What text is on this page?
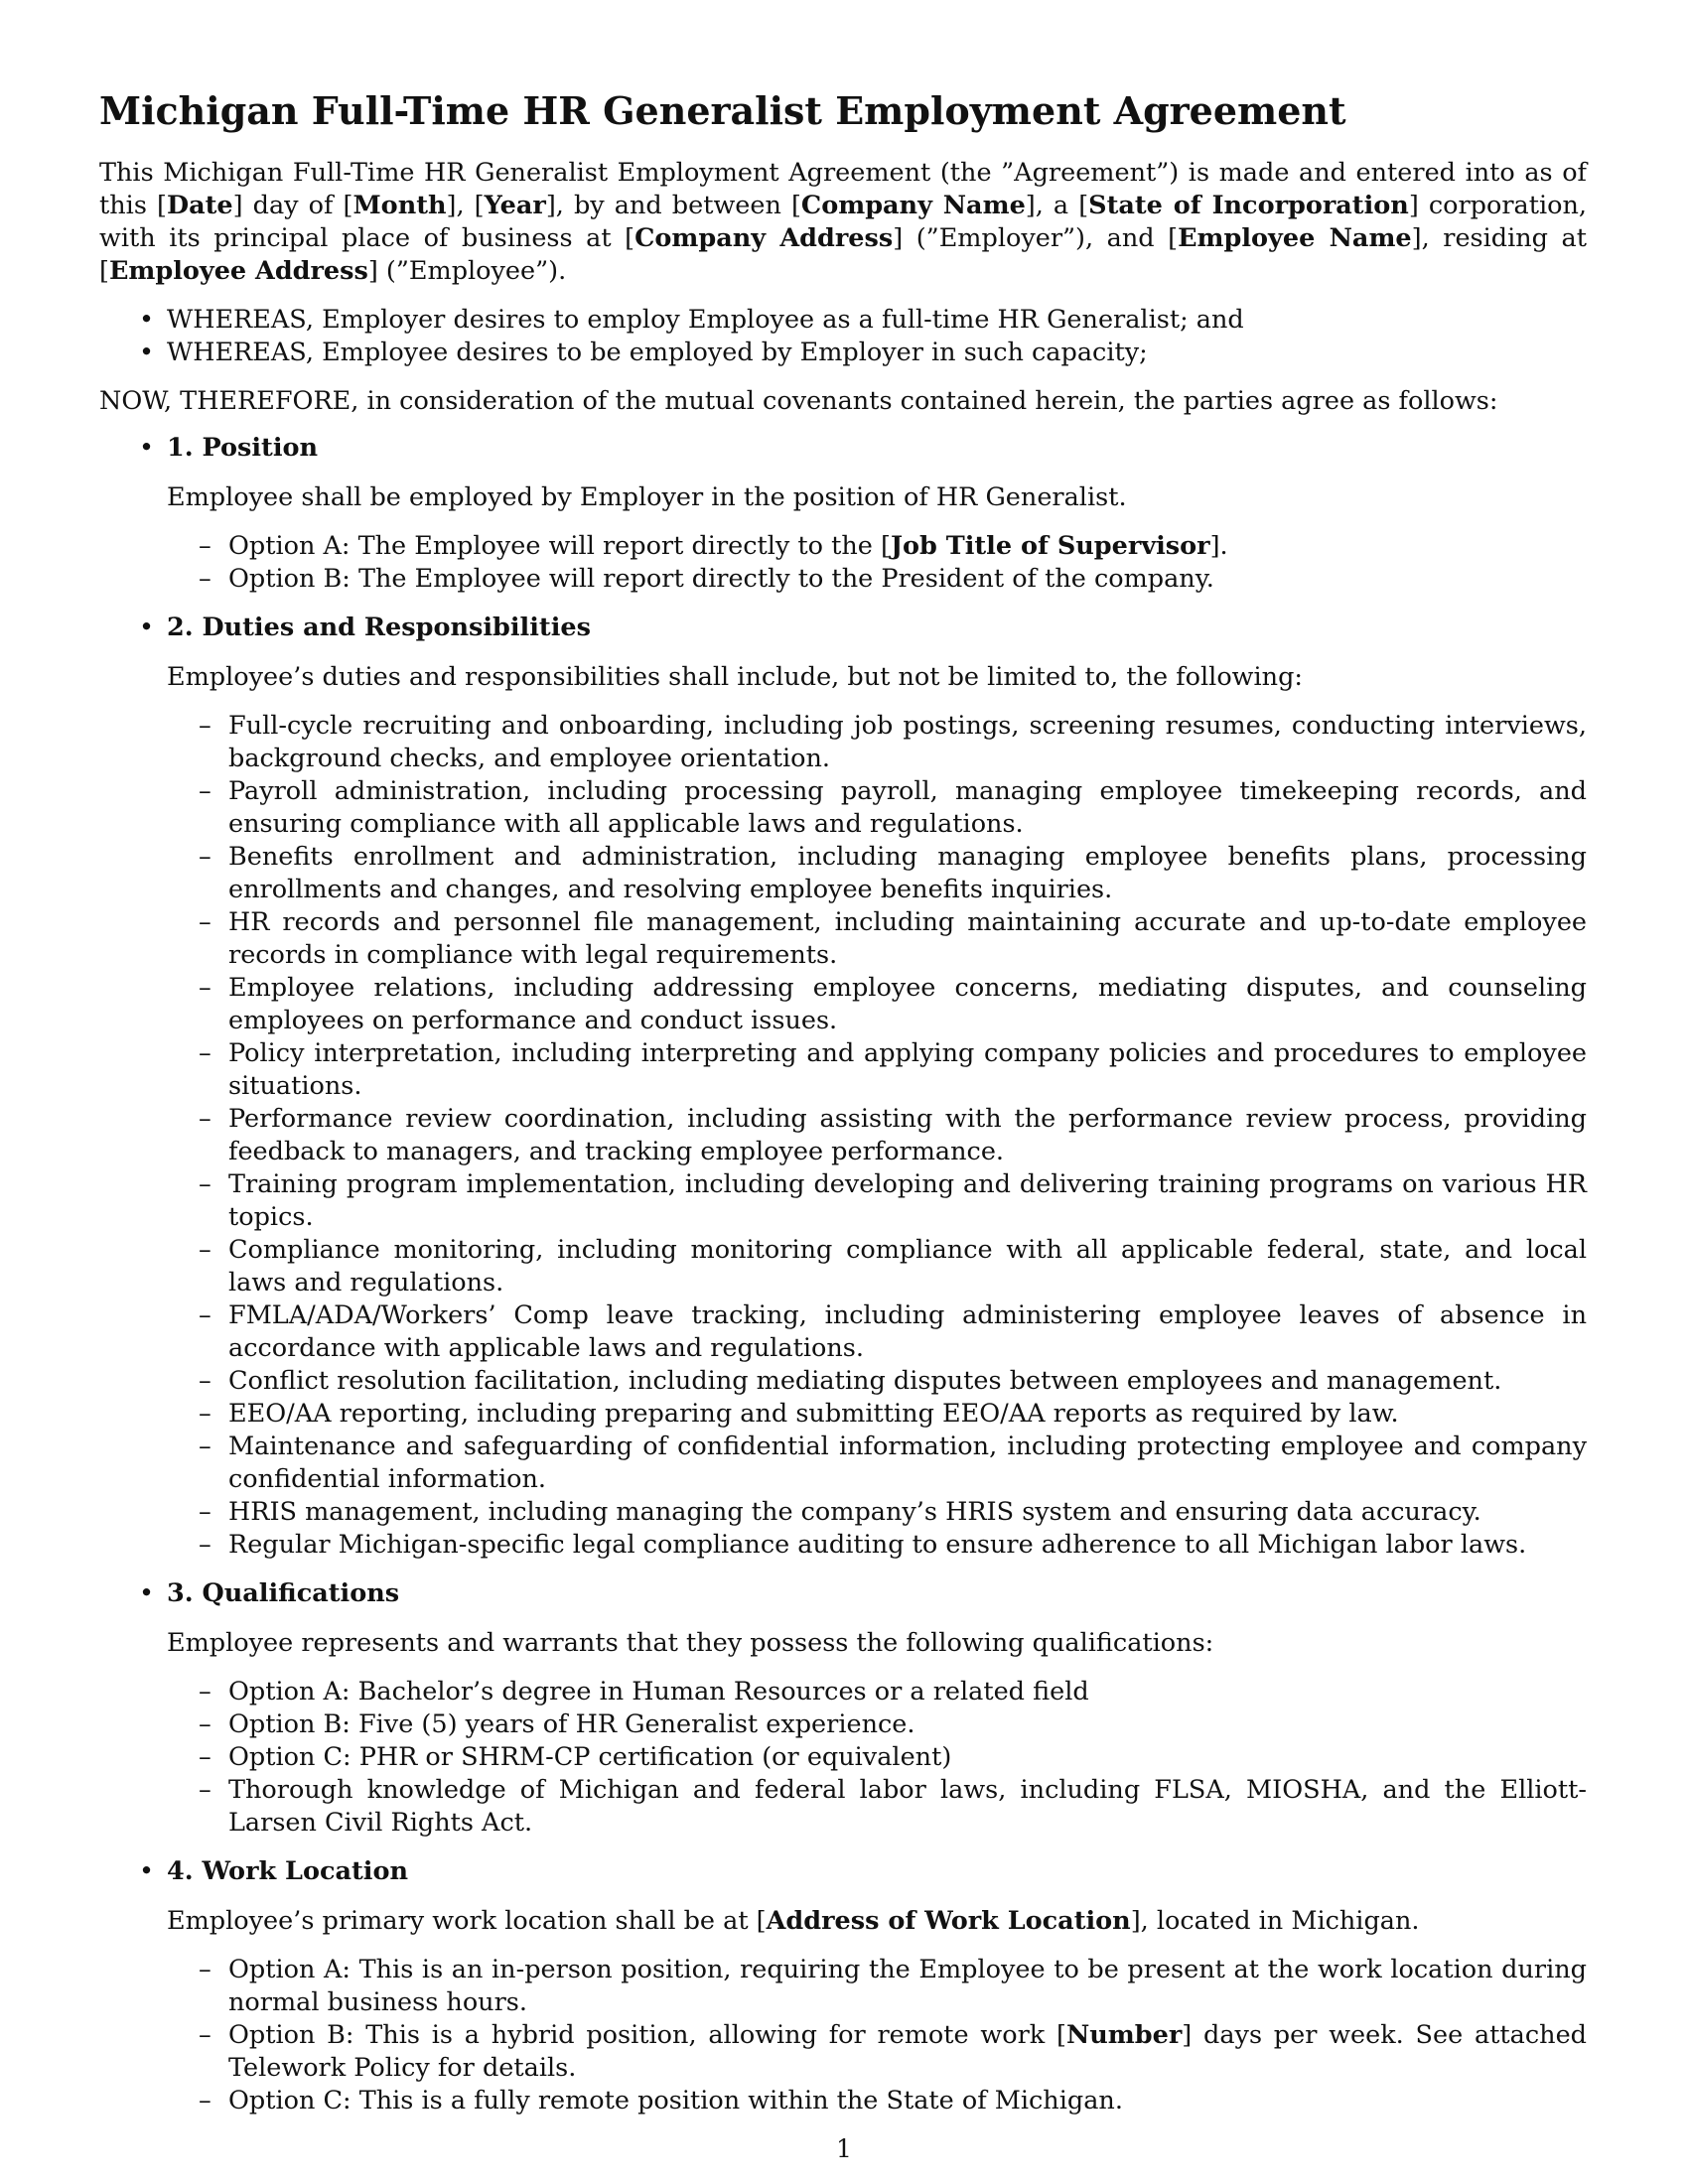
Michigan Full-Time HR Generalist Employment Agreement

This Michigan Full-Time HR Generalist Employment Agreement (the ”Agreement”) is made and entered into as of this [Date] day of [Month], [Year], by and between [Company Name], a [State of Incorporation] corporation, with its principal place of business at [Company Address] (”Employer”), and [Employee Name], residing at [Employee Address] (”Employee”).

• WHEREAS, Employer desires to employ Employee as a full-time HR Generalist; and
• WHEREAS, Employee desires to be employed by Employer in such capacity;

NOW, THEREFORE, in consideration of the mutual covenants contained herein, the parties agree as follows:

• 1. Position
Employee shall be employed by Employer in the position of HR Generalist.
– Option A: The Employee will report directly to the [Job Title of Supervisor].
– Option B: The Employee will report directly to the President of the company.
• 2. Duties and Responsibilities
Employee’s duties and responsibilities shall include, but not be limited to, the following:
– Full-cycle recruiting and onboarding, including job postings, screening resumes, conducting interviews, background checks, and employee orientation.
– Payroll administration, including processing payroll, managing employee timekeeping records, and ensuring compliance with all applicable laws and regulations.
– Benefits enrollment and administration, including managing employee benefits plans, processing enrollments and changes, and resolving employee benefits inquiries.
– HR records and personnel file management, including maintaining accurate and up-to-date employee records in compliance with legal requirements.
– Employee relations, including addressing employee concerns, mediating disputes, and counseling employees on performance and conduct issues.
– Policy interpretation, including interpreting and applying company policies and procedures to employee situations.
– Performance review coordination, including assisting with the performance review process, providing feedback to managers, and tracking employee performance.
– Training program implementation, including developing and delivering training programs on various HR topics.
– Compliance monitoring, including monitoring compliance with all applicable federal, state, and local laws and regulations.
– FMLA/ADA/Workers’ Comp leave tracking, including administering employee leaves of absence in accordance with applicable laws and regulations.
– Conflict resolution facilitation, including mediating disputes between employees and management.
– EEO/AA reporting, including preparing and submitting EEO/AA reports as required by law.
– Maintenance and safeguarding of confidential information, including protecting employee and company confidential information.
– HRIS management, including managing the company’s HRIS system and ensuring data accuracy.
– Regular Michigan-specific legal compliance auditing to ensure adherence to all Michigan labor laws.
• 3. Qualifications
Employee represents and warrants that they possess the following qualifications:
– Option A: Bachelor’s degree in Human Resources or a related field
– Option B: Five (5) years of HR Generalist experience.
– Option C: PHR or SHRM-CP certification (or equivalent)
– Thorough knowledge of Michigan and federal labor laws, including FLSA, MIOSHA, and the Elliott-Larsen Civil Rights Act.
• 4. Work Location
Employee’s primary work location shall be at [Address of Work Location], located in Michigan.
– Option A: This is an in-person position, requiring the Employee to be present at the work location during normal business hours.
– Option B: This is a hybrid position, allowing for remote work [Number] days per week. See attached Telework Policy for details.
– Option C: This is a fully remote position within the State of Michigan.
1
